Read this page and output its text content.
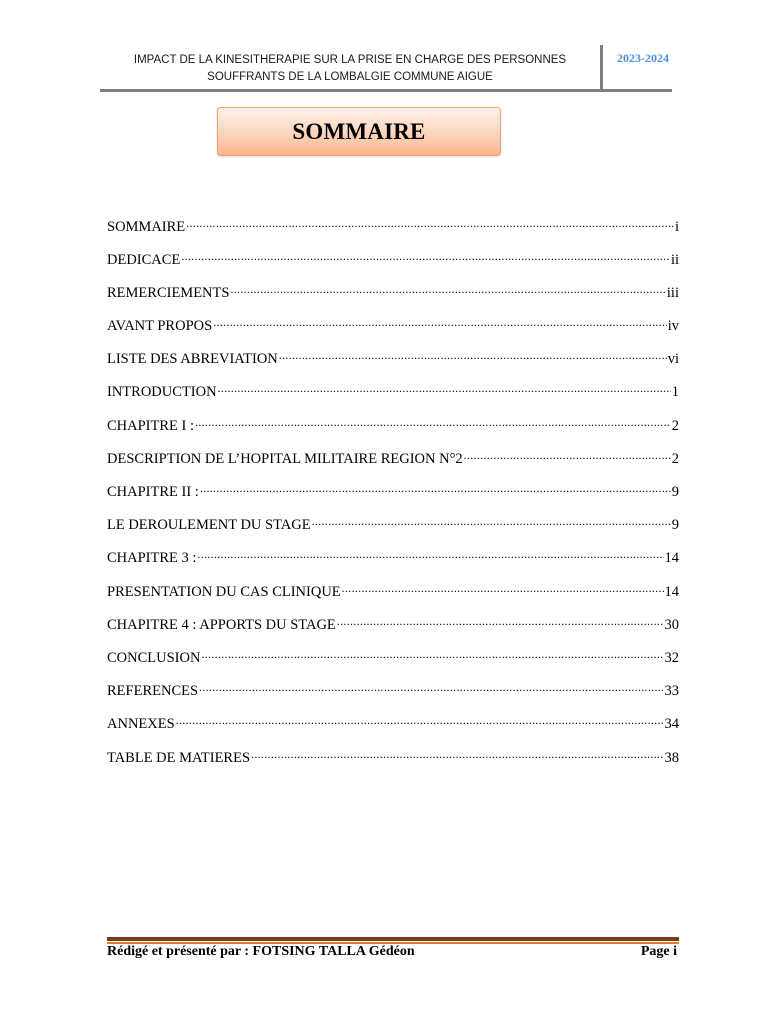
IMPACT DE LA KINESITHERAPIE SUR LA PRISE EN CHARGE DES PERSONNES
SOUFFRANTS DE LA LOMBALGIE COMMUNE AIGUE
2023-2024
SOMMAIRE
SOMMAIRE .....	i
DEDICACE .....	ii
REMERCIEMENTS .....	iii
AVANT PROPOS .....	iv
LISTE DES ABREVIATION .....	vi
INTRODUCTION .....	1
CHAPITRE I : .....	2
DESCRIPTION DE L’HOPITAL MILITAIRE REGION N°2 .....	2
CHAPITRE II : .....	9
LE DEROULEMENT DU STAGE .....	9
CHAPITRE 3 : .....	14
PRESENTATION DU CAS CLINIQUE .....	14
CHAPITRE 4 : APPORTS DU STAGE .....	30
CONCLUSION .....	32
REFERENCES .....	33
ANNEXES .....	34
TABLE DE MATIERES .....	38
Rédigé et présenté par : FOTSING TALLA Gédéon	Page i
